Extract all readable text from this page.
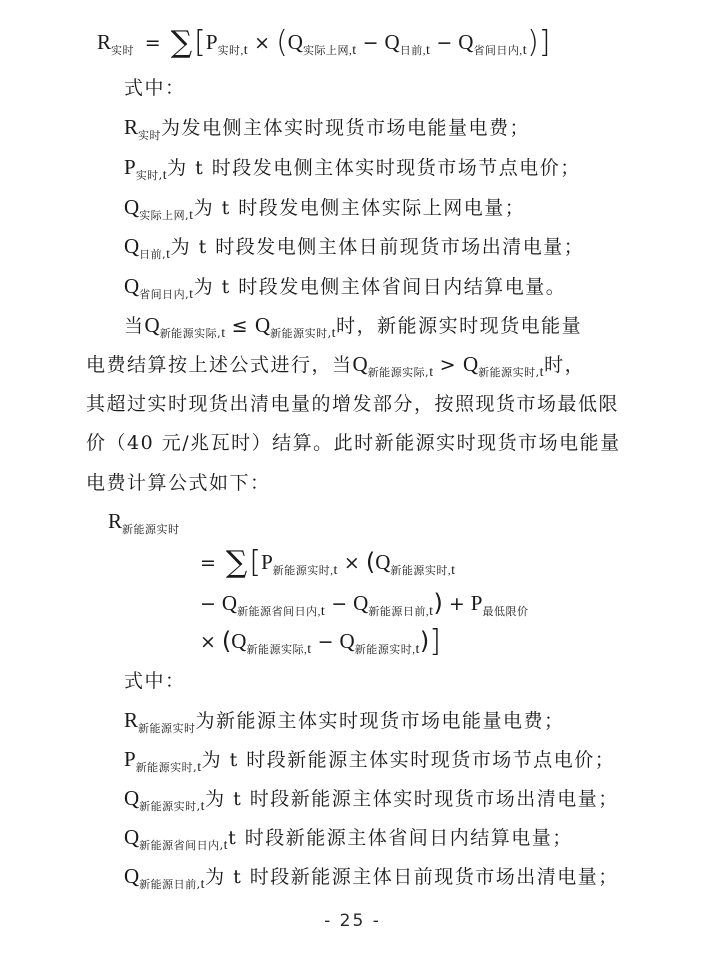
$R_{实时} = \sum[P_{实时,t} \times (Q_{实际上网,t} - Q_{日前,t} - Q_{省间日内,t})]$
式中：
$R_{实时}$为发电侧主体实时现货市场电能量电费；
$P_{实时,t}$为 t 时段发电侧主体实时现货市场节点电价；
$Q_{实际上网,t}$为 t 时段发电侧主体实际上网电量；
$Q_{日前,t}$为 t 时段发电侧主体日前现货市场出清电量；
$Q_{省间日内,t}$为 t 时段发电侧主体省间日内结算电量。
当$Q_{新能源实际,t} \le Q_{新能源实时,t}$时，新能源实时现货电能量
电费结算按上述公式进行，当$Q_{新能源实际,t} > Q_{新能源实时,t}$时，
其超过实时现货出清电量的增发部分，按照现货市场最低限
价（40 元/兆瓦时）结算。此时新能源实时现货市场电能量
电费计算公式如下：
$R_{新能源实时}$
= $\sum[P_{新能源实时,t} \times (Q_{新能源实时,t}$
− $Q_{新能源省间日内,t} - Q_{新能源日前,t}) + P_{最低限价}$
× $(Q_{新能源实际,t} - Q_{新能源实时,t})$]
式中：
$R_{新能源实时}$为新能源主体实时现货市场电能量电费；
$P_{新能源实时,t}$为 t 时段新能源主体实时现货市场节点电价；
$Q_{新能源实时,t}$为 t 时段新能源主体实时现货市场出清电量；
$Q_{新能源省间日内,t}t$ 时段新能源主体省间日内结算电量；
$Q_{新能源日前,t}$为 t 时段新能源主体日前现货市场出清电量；
- 25 -
